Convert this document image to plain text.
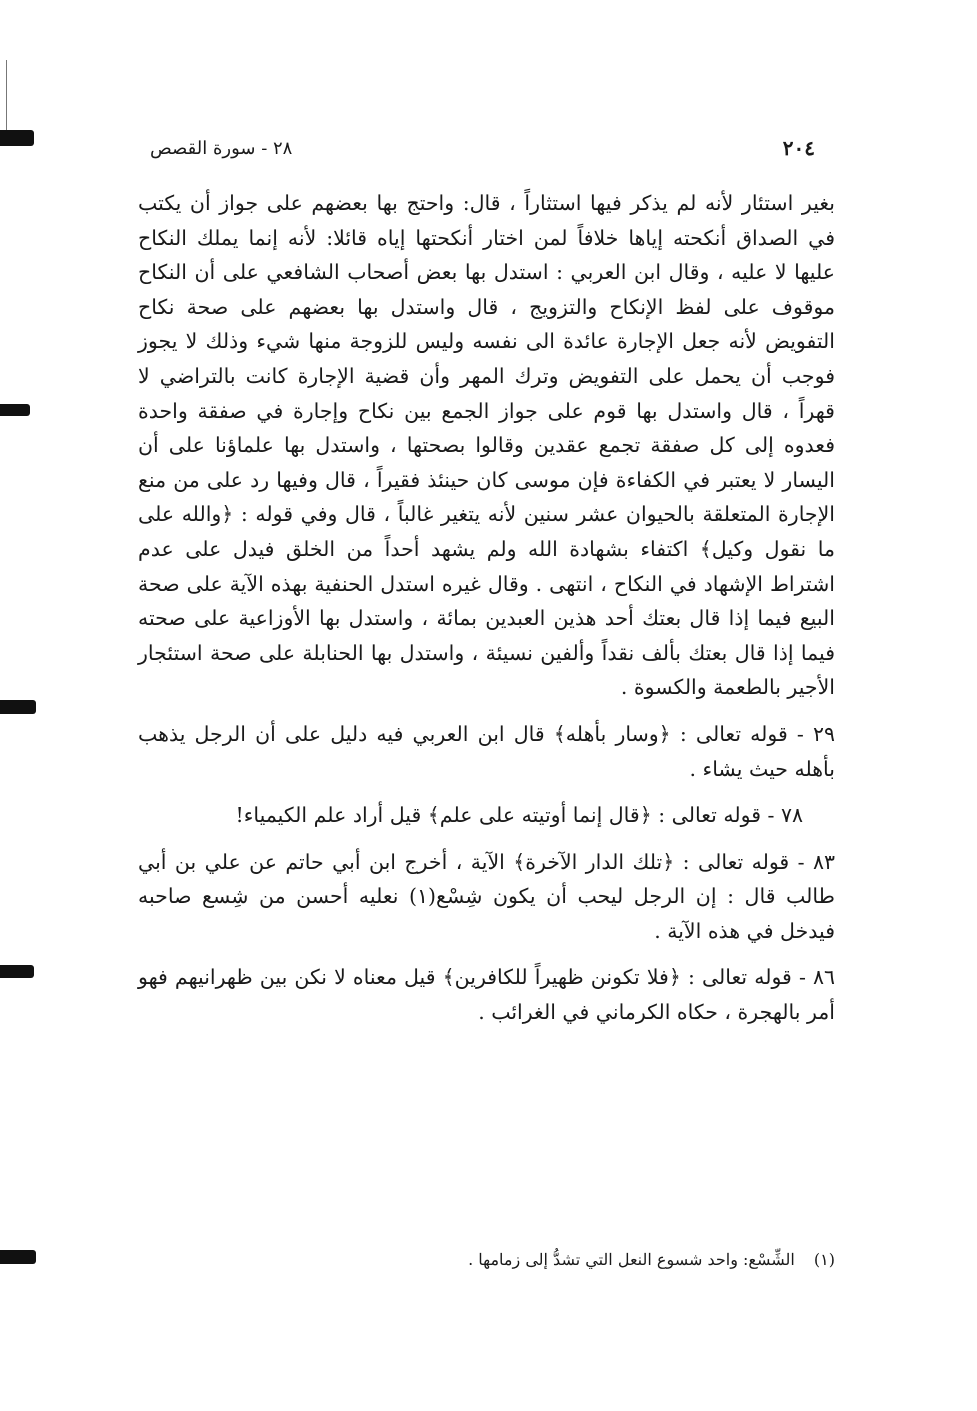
٢٠٤
٢٨ - سورة القصص

بغير استئار لأنه لم يذكر فيها استثاراً ، قال: واحتج بها بعضهم على جواز أن يكتب في الصداق أنكحته إياها خلافاً لمن اختار أنكحتها إياه قائلا: لأنه إنما يملك النكاح عليها لا عليه ، وقال ابن العربي : استدل بها بعض أصحاب الشافعي على أن النكاح موقوف على لفظ الإنكاح والتزويج ، قال واستدل بها بعضهم على صحة نكاح التفويض لأنه جعل الإجارة عائدة الى نفسه وليس للزوجة منها شيء وذلك لا يجوز فوجب أن يحمل على التفويض وترك المهر وأن قضية الإجارة كانت بالتراضي لا قهراً ، قال واستدل بها قوم على جواز الجمع بين نكاح وإجارة في صفقة واحدة فعدوه إلى كل صفقة تجمع عقدين وقالوا بصحتها ، واستدل بها علماؤنا على أن اليسار لا يعتبر في الكفاءة فإن موسى كان حينئذ فقيراً ، قال وفيها رد على من منع الإجارة المتعلقة بالحيوان عشر سنين لأنه يتغير غالباً ، قال وفي قوله : ﴿والله على ما نقول وكيل﴾ اكتفاء بشهادة الله ولم يشهد أحداً من الخلق فيدل على عدم اشتراط الإشهاد في النكاح ، انتهى . وقال غيره استدل الحنفية بهذه الآية على صحة البيع فيما إذا قال بعتك أحد هذين العبدين بمائة ، واستدل بها الأوزاعية على صحته فيما إذا قال بعتك بألف نقداً وألفين نسيئة ، واستدل بها الحنابلة على صحة استئجار الأجير بالطعمة والكسوة .

٢٩ - قوله تعالى : ﴿وسار بأهله﴾ قال ابن العربي فيه دليل على أن الرجل يذهب بأهله حيث يشاء .

٧٨ - قوله تعالى : ﴿قال إنما أوتيته على علم﴾ قيل أراد علم الكيمياء!

٨٣ - قوله تعالى : ﴿تلك الدار الآخرة﴾ الآية ، أخرج ابن أبي حاتم عن علي بن أبي طالب قال : إن الرجل ليحب أن يكون شِسْع(١) نعليه أحسن من شِسع صاحبه فيدخل في هذه الآية .

٨٦ - قوله تعالى : ﴿فلا تكونن ظهيراً للكافرين﴾ قيل معناه لا نكن بين ظهرانيهم فهو أمر بالهجرة ، حكاه الكرماني في الغرائب .

(١) الشِّسْع: واحد شسوع النعل التي تشدُّ إلى زمامها .
